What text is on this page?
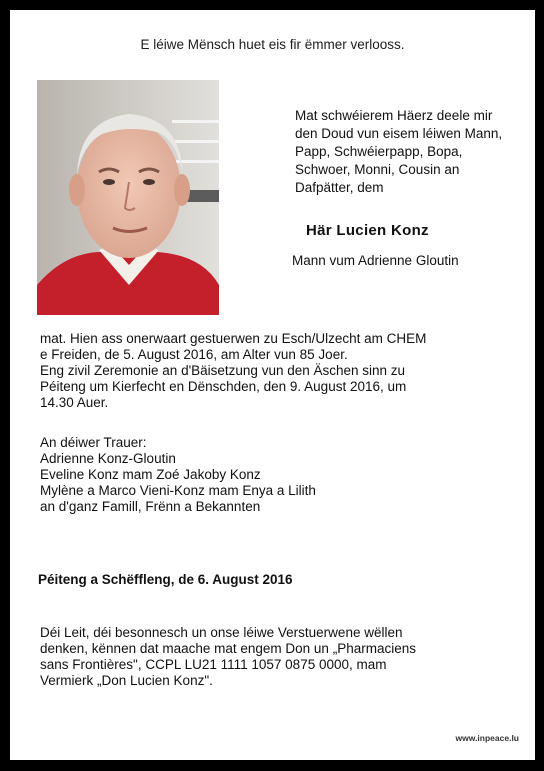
E léiwe Mënsch huet eis fir ëmmer verlooss.
Mat schwéierem Häerz deele mir
den Doud vun eisem léiwen Mann,
Papp, Schwéierpapp, Bopa,
Schwoer, Monni, Cousin an
Dafpätter, dem
Här Lucien Konz
Mann vum Adrienne Gloutin
mat. Hien ass onerwaart gestuerwen zu Esch/Ulzecht am CHEM
e Freiden, de 5. August 2016, am Alter vun 85 Joer.
Eng zivil Zeremonie an d'Bäisetzung vun den Äschen sinn zu
Péiteng um Kierfecht en Dënschden, den 9. August 2016, um
14.30 Auer.
An déiwer Trauer:
Adrienne Konz-Gloutin
Eveline Konz mam Zoé Jakoby Konz
Mylène a Marco Vieni-Konz mam Enya a Lilith
an d'ganz Famill, Frënn a Bekannten
Péiteng a Schëffleng, de 6. August 2016
Déi Leit, déi besonnesch un onse léiwe Verstuerwene wëllen
denken, kënnen dat maache mat engem Don un „Pharmaciens
sans Frontières", CCPL LU21 1111 1057 0875 0000, mam
Vermierk „Don Lucien Konz".
www.inpeace.lu
